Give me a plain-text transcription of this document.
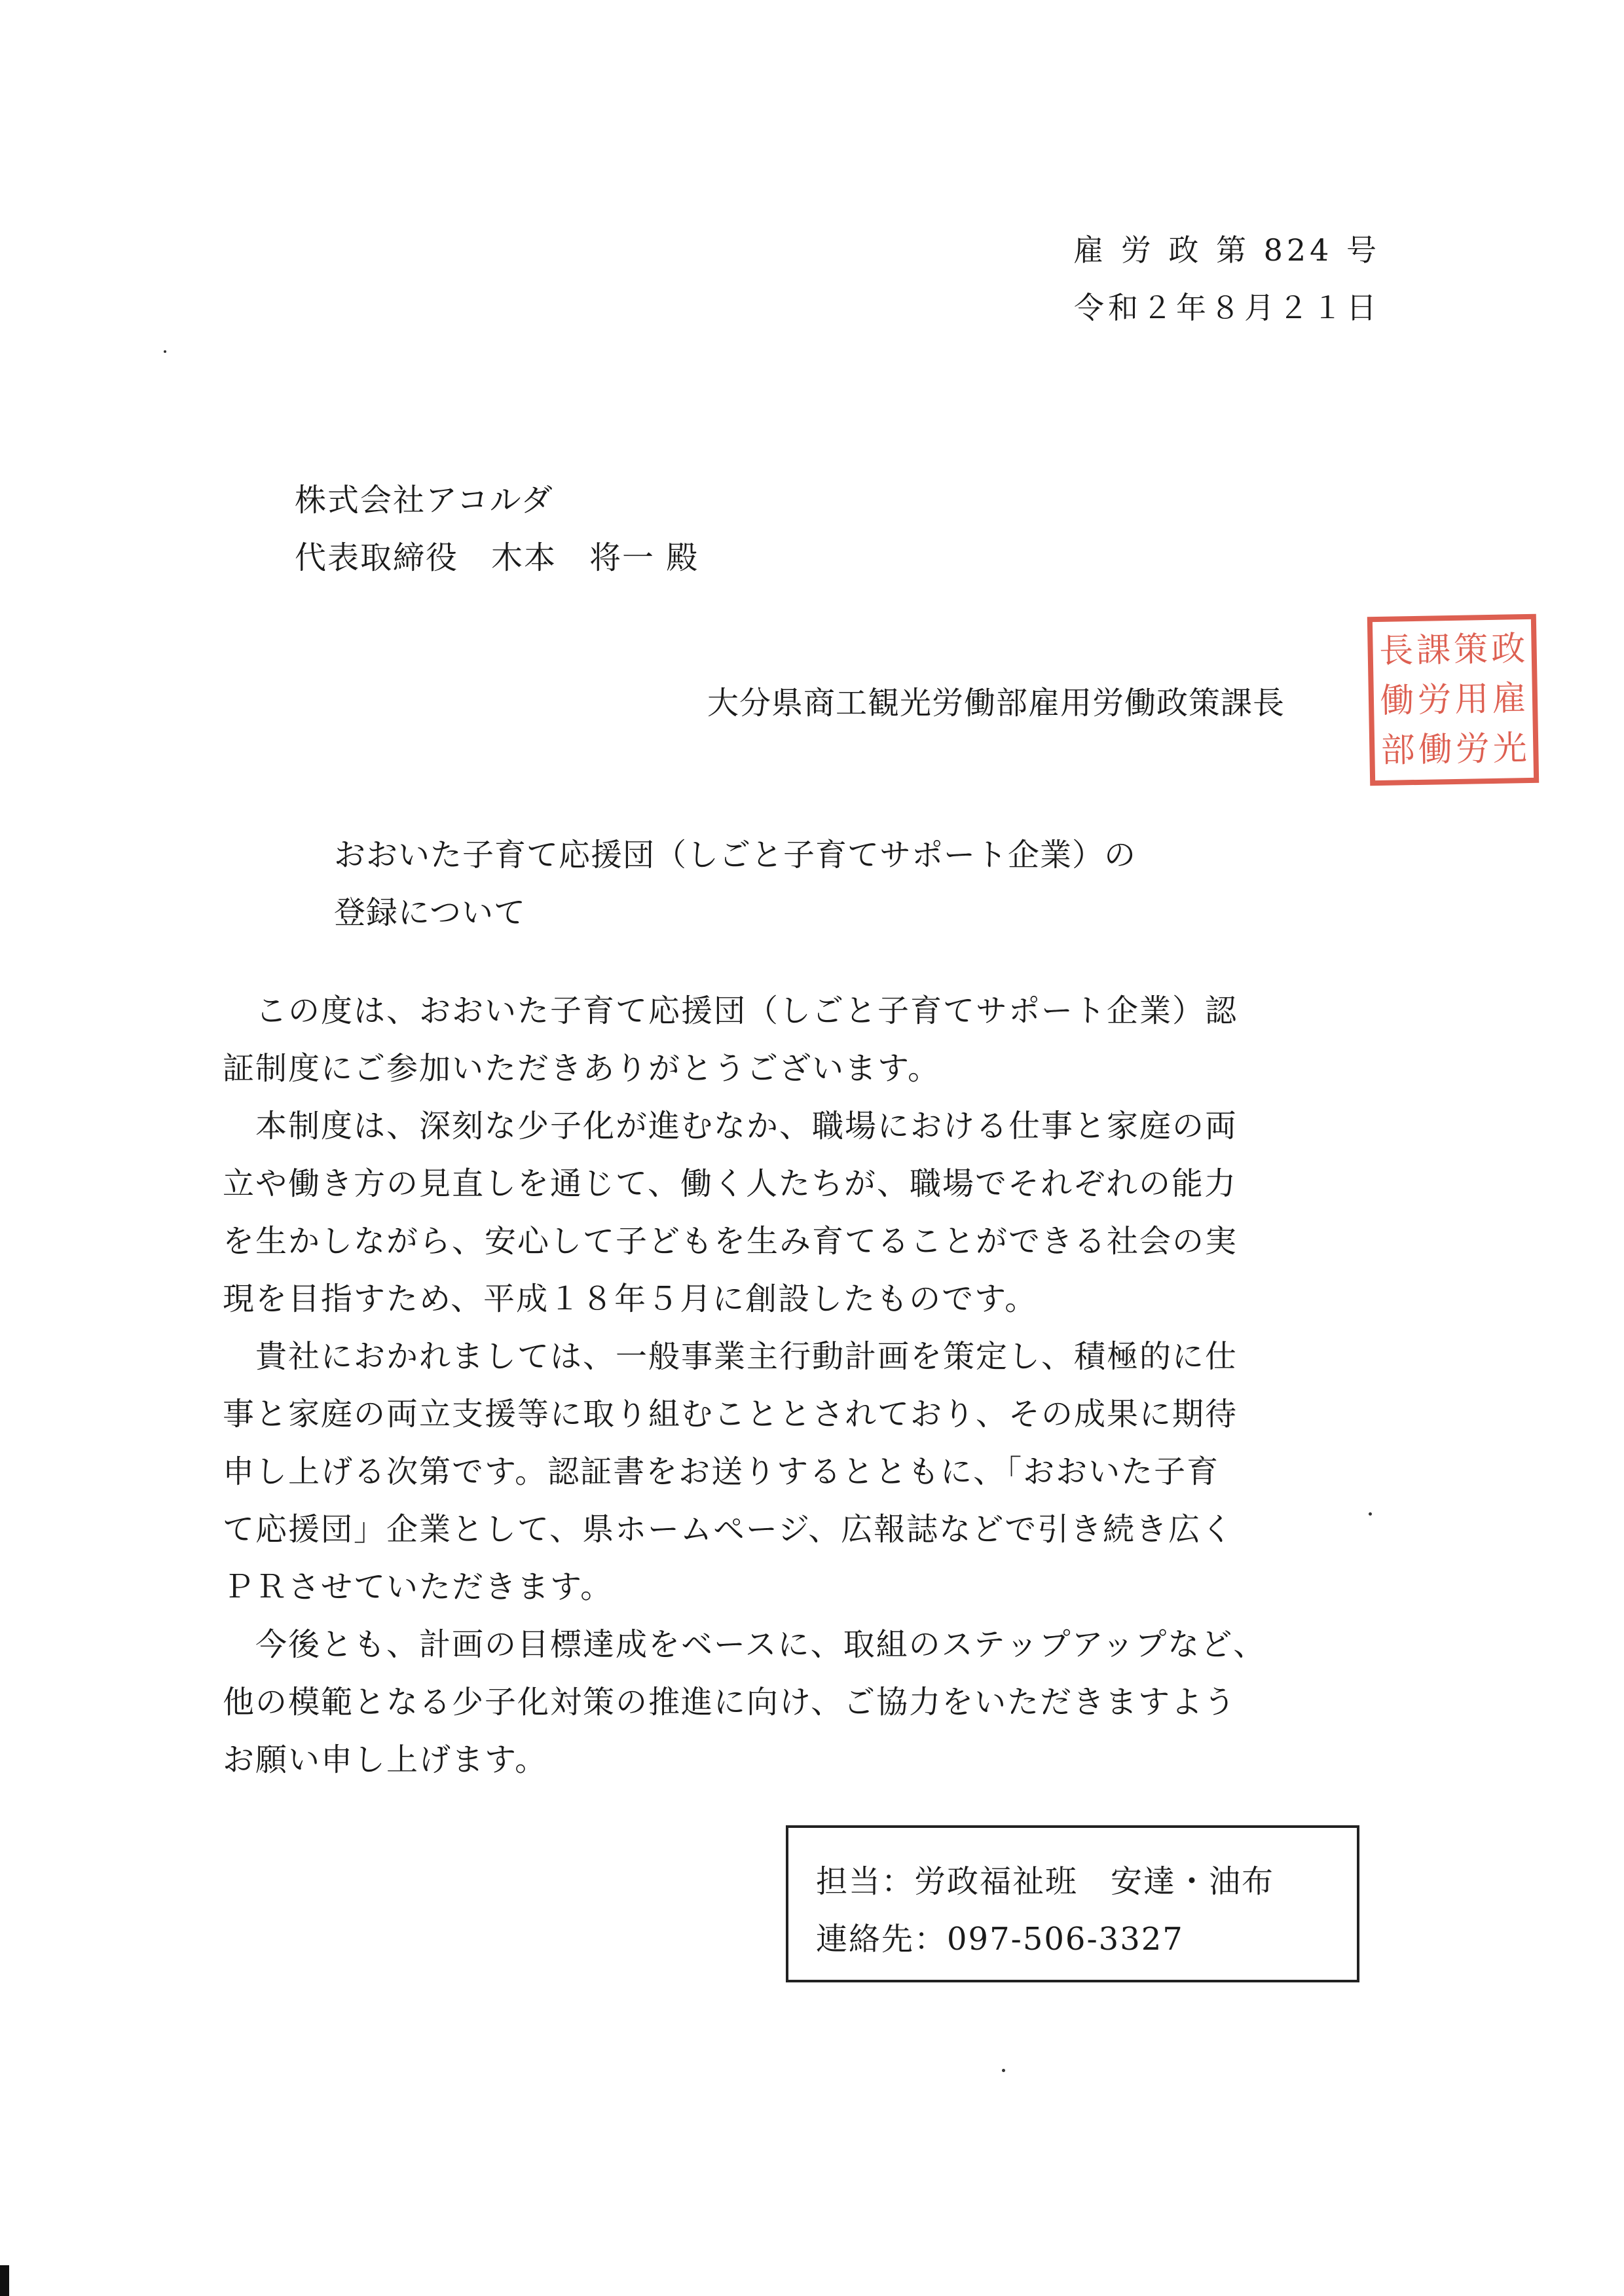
雇 労 政 第 824 号
令和２年８月２１日
株式会社アコルダ
代表取締役　木本　将一 殿
大分県商工観光労働部雇用労働政策課長
長 課 策 政
働 労 用 雇
部 働 労 光
おおいた子育て応援団（しごと子育てサポート企業）の
登録について
　この度は、おおいた子育て応援団（しごと子育てサポート企業）認
証制度にご参加いただきありがとうございます。
　本制度は、深刻な少子化が進むなか、職場における仕事と家庭の両
立や働き方の見直しを通じて、働く人たちが、職場でそれぞれの能力
を生かしながら、安心して子どもを生み育てることができる社会の実
現を目指すため、平成１８年５月に創設したものです。
　貴社におかれましては、一般事業主行動計画を策定し、積極的に仕
事と家庭の両立支援等に取り組むこととされており、その成果に期待
申し上げる次第です。認証書をお送りするとともに、「おおいた子育
て応援団」企業として、県ホームページ、広報誌などで引き続き広く
ＰＲさせていただきます。
　今後とも、計画の目標達成をベースに、取組のステップアップなど、
他の模範となる少子化対策の推進に向け、ご協力をいただきますよう
お願い申し上げます。
担当：労政福祉班　安達・油布
連絡先：097-506-3327
